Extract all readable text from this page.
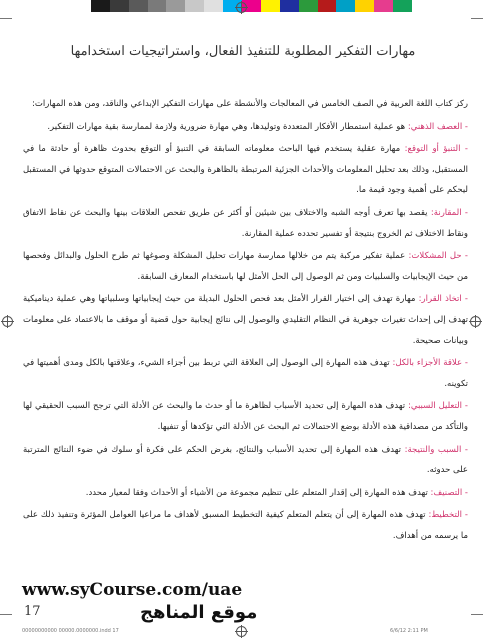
مهارات التفكير المطلوبة للتنفيذ الفعال، واستراتيجيات استخدامها

ركز كتاب اللغة العربية في الصف الخامس في المعالجات والأنشطة على مهارات التفكير الإبداعي والناقد، ومن هذه المهارات:

- العصف الذهني: هو عملية استمطار الأفكار المتعددة وتوليدها، وهي مهارة ضرورية ولازمة لممارسة بقية مهارات التفكير.

- التنبؤ أو التوقع: مهارة عقلية يستخدم فيها الباحث معلوماته السابقة في التنبؤ أو التوقع بحدوث ظاهرة أو حادثة ما في المستقبل، وذلك بعد تحليل المعلومات والأحداث الجزئية المرتبطة بالظاهرة والبحث عن الاحتمالات المتوقع حدوثها في المستقبل ليحكم على أهمية وجود قيمة ما.

- المقارنة: يقصد بها تعرف أوجه الشبه والاختلاف بين شيئين أو أكثر عن طريق تفحص العلاقات بينها والبحث عن نقاط الاتفاق ونقاط الاختلاف ثم الخروج بنتيجة أو تفسير تحدده عملية المقارنة.

- حل المشكلات: عملية تفكير مركبة يتم من خلالها ممارسة مهارات تحليل المشكلة وصوغها ثم طرح الحلول والبدائل وفحصها من حيث الإيجابيات والسلبيات ومن ثم الوصول إلى الحل الأمثل لها باستخدام المعارف السابقة.

- اتخاذ القرار: مهارة تهدف إلى اختيار القرار الأمثل بعد فحص الحلول البديلة من حيث إيجابياتها وسلبياتها وهي عملية ديناميكية تهدف إلى إحداث تغيرات جوهرية في النظام التقليدي والوصول إلى نتائج إيجابية حول قضية أو موقف ما بالاعتماد على معلومات وبيانات صحيحة.

- علاقة الأجزاء بالكل: تهدف هذه المهارة إلى الوصول إلى العلاقة التي تربط بين أجزاء الشيء، وعلاقتها بالكل ومدى أهميتها في تكوينه.

- التعليل السببي: تهدف هذه المهارة إلى تحديد الأسباب لظاهرة ما أو حدث ما والبحث عن الأدلة التي ترجح السبب الحقيقي لها والتأكد من مصداقية هذه الأدلة بوضع الاحتمالات ثم البحث عن الأدلة التي تؤكدها أو تنفيها.

- السبب والنتيجة: تهدف هذه المهارة إلى تحديد الأسباب والنتائج، بغرض الحكم على فكرة أو سلوك في ضوء النتائج المترتبة على حدوثه.

- التصنيف: تهدف هذه المهارة إلى إقدار المتعلم على تنظيم مجموعة من الأشياء أو الأحداث وفقا لمعيار محدد.

- التخطيط: تهدف هذه المهارة إلى أن يتعلم المتعلم كيفية التخطيط المسبق لأهداف ما مراعيا العوامل المؤثرة وتنفيذ ذلك على ما يرسمه من أهداف.

www.syCourse.com/uae
17	موقع المناهج
00000000000 00000.0000000.indd 17	6/6/12 2:11 PM
